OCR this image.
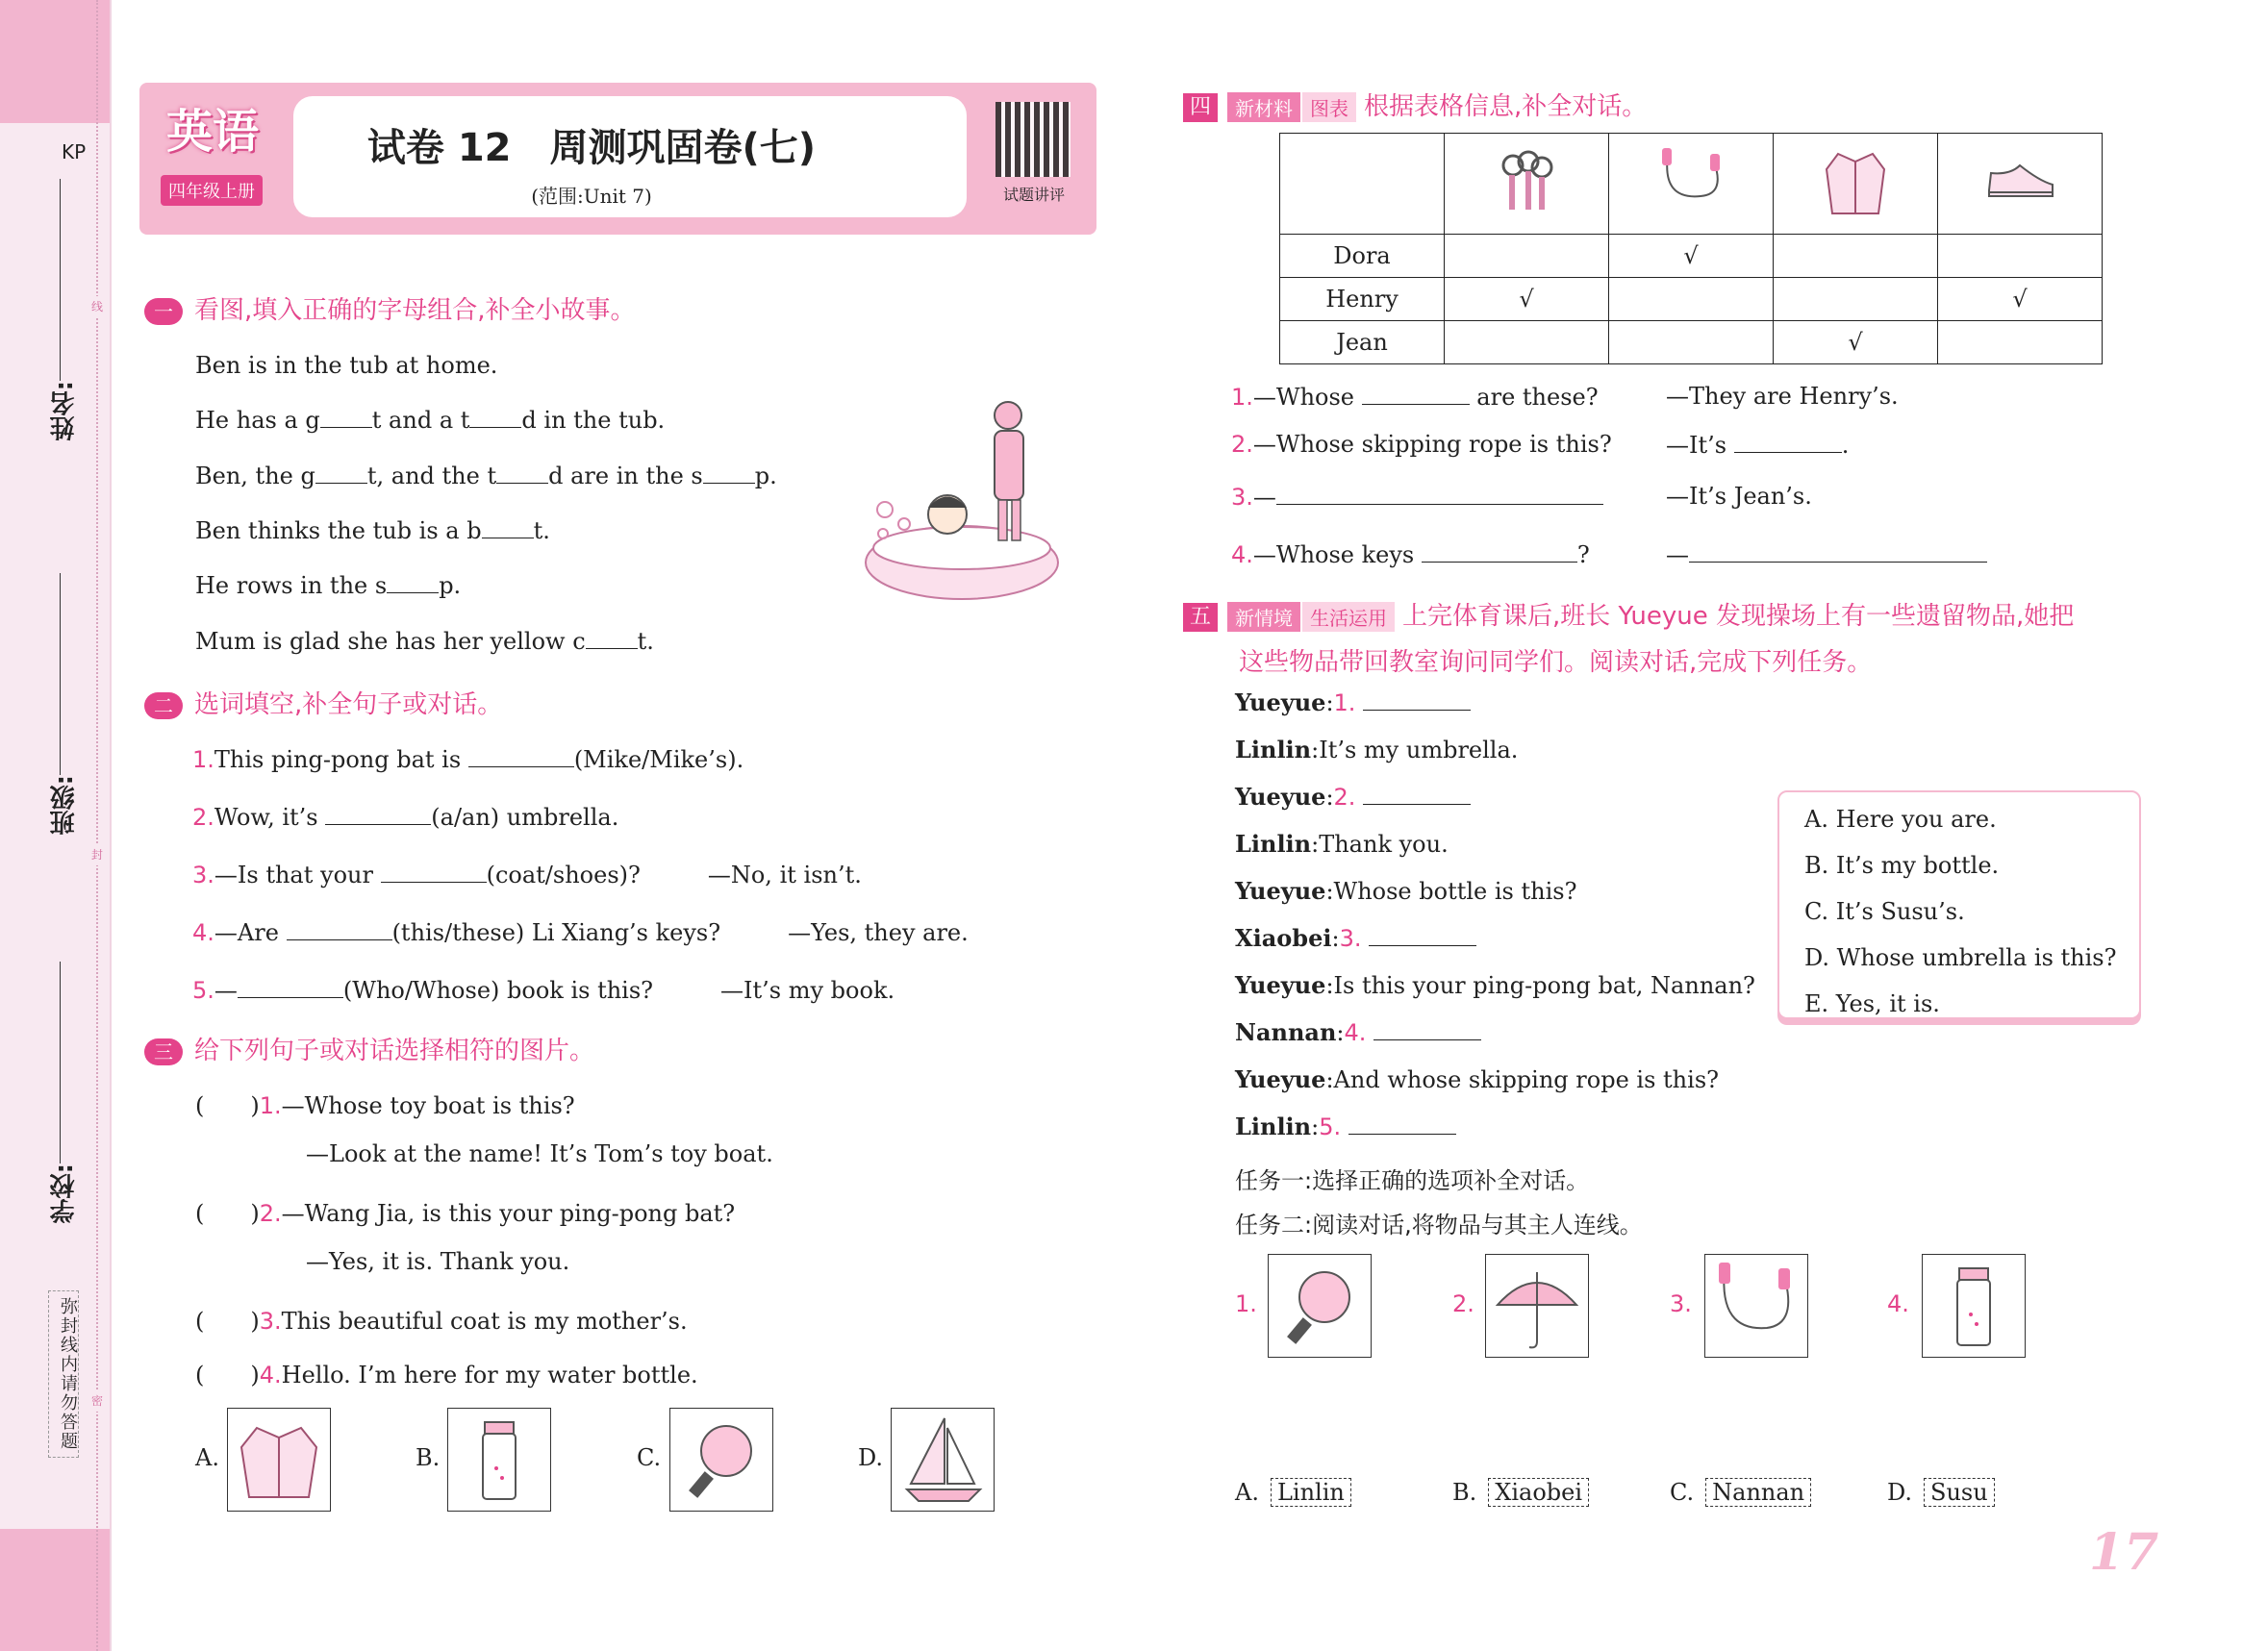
KP
姓名:
班级:
学校:
线
封
密
弥封线内请勿答题
英语
四年级上册
试卷 12　周测巩固卷(七)
(范围:Unit 7)	试题讲评
一 看图,填入正确的字母组合,补全小故事。
Ben is in the tub at home.
He has a g t and a t d in the tub.
Ben, the g t, and the t d are in the s p.
Ben thinks the tub is a b t.
He rows in the s p.
Mum is glad she has her yellow c t.
二 选词填空,补全句子或对话。
1.This ping-pong bat is	(Mike/Mike’s).
2.Wow, it’s	(a/an) umbrella.
3.—Is that your	(coat/shoes)?	—No, it isn’t.
4.—Are	(this/these) Li Xiang’s keys?	—Yes, they are.
5.—	(Who/Whose) book is this?	—It’s my book.
三 给下列句子或对话选择相符的图片。
(　　)1.—Whose toy boat is this?
—Look at the name! It’s Tom’s toy boat.
(　　)2.—Wang Jia, is this your ping-pong bat?
—Yes, it is. Thank you.
(　　)3.This beautiful coat is my mother’s.
(　　)4.Hello. I’m here for my water bottle.
A.	B.	C.	D.
四 新材料 图表 根据表格信息,补全对话。

Dora		√		
Henry	√			√
Jean			√	
1.—Whose	are these?	—They are Henry’s.
2.—Whose skipping rope is this? —It’s	.
3.—	—It’s Jean’s.
4.—Whose keys	?	—
五 新情境 生活运用 上完体育课后,班长 Yueyue 发现操场上有一些遗留物品,她把
这些物品带回教室询问同学们。阅读对话,完成下列任务。
Yueyue:1.
Linlin:It’s my umbrella.
Yueyue:2.
Linlin:Thank you.
Yueyue:Whose bottle is this?
Xiaobei:3.
Yueyue:Is this your ping-pong bat, Nannan?
Nannan:4.
Yueyue:And whose skipping rope is this?
Linlin:5.
A. Here you are.
B. It’s my bottle.
C. It’s Susu’s.
D. Whose umbrella is this?
E. Yes, it is.
任务一:选择正确的选项补全对话。
任务二:阅读对话,将物品与其主人连线。
1.	2.	3.	4.
A. Linlin	B. Xiaobei	C. Nannan	D. Susu
17
